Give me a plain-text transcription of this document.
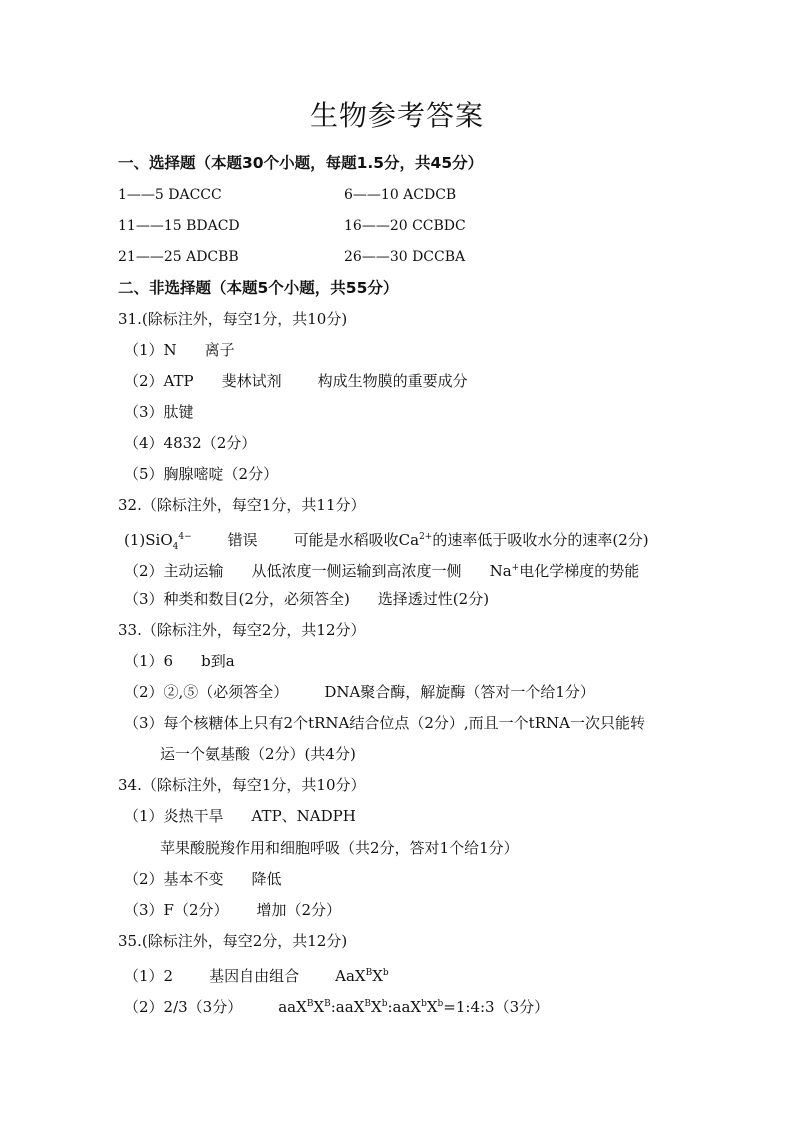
生物参考答案
一、选择题（本题30个小题，每题1.5分，共45分）
1——5 DACCC	6——10 ACDCB
11——15 BDACD	16——20 CCBDC
21——25 ADCBB	26——30 DCCBA
二、非选择题（本题5个小题，共55分）
31.(除标注外，每空1分，共10分)
（1）N 离子
（2）ATP 斐林试剂 构成生物膜的重要成分
（3）肽键
（4）4832（2分）
（5）胸腺嘧啶（2分）
32.（除标注外，每空1分，共11分）
(1)SiO$_4^{4-}$ 错误 可能是水稻吸收$Ca^{2+}$的速率低于吸收水分的速率(2分)
（2）主动运输 从低浓度一侧运输到高浓度一侧 Na+电化学梯度的势能
（3）种类和数目(2分，必须答全) 选择透过性(2分)
33.（除标注外，每空2分，共12分）
（1）6 b到a
（2）②,⑤（必须答全） DNA聚合酶，解旋酶（答对一个给1分）
（3）每个核糖体上只有2个tRNA结合位点（2分）,而且一个tRNA一次只能转
运一个氨基酸（2分）(共4分)
34.（除标注外，每空1分，共10分）
（1）炎热干旱 ATP、NADPH
苹果酸脱羧作用和细胞呼吸（共2分，答对1个给1分）
（2）基本不变 降低
（3）F（2分） 增加（2分）
35.(除标注外，每空2分，共12分)
（1）2 基因自由组合 $AaX^BX^b$
（2）2/3（3分） $aaX^BX^B:aaX^BX^b:aaX^bX^b=1:4:3(3$分）
